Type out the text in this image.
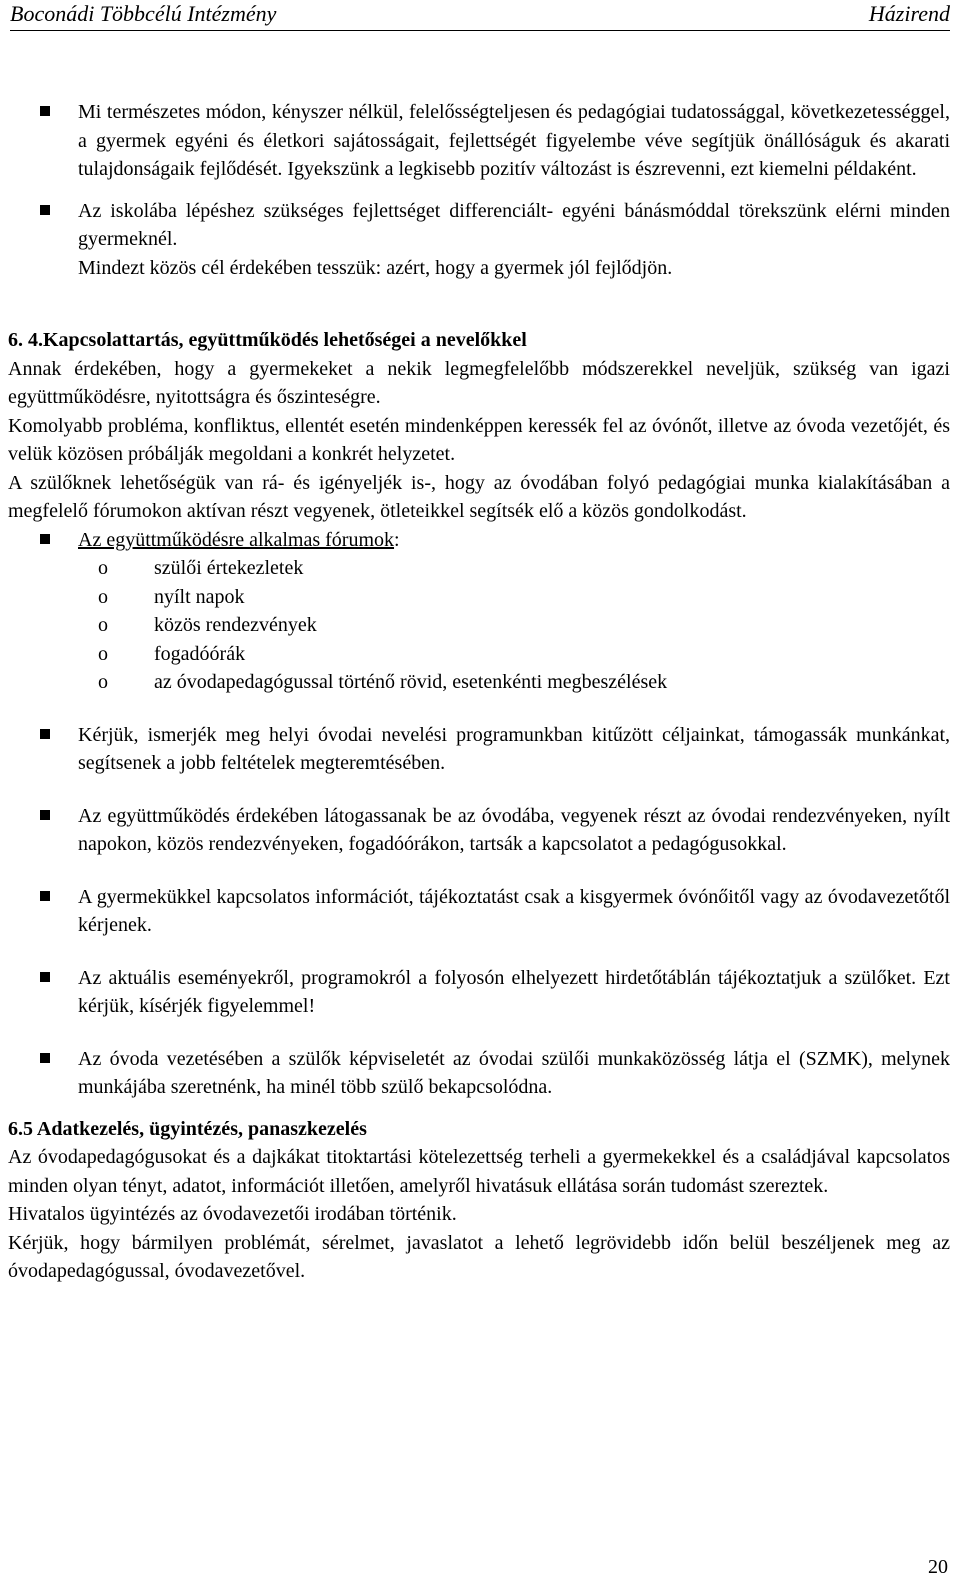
Boconádi Többcélú Intézmény	Házirend

Mi természetes módon, kényszer nélkül, felelősségteljesen és pedagógiai tudatossággal, következetességgel, a gyermek egyéni és életkori sajátosságait, fejlettségét figyelembe véve segítjük önállóságuk és akarati tulajdonságaik fejlődését. Igyekszünk a legkisebb pozitív változást is észrevenni, ezt kiemelni példaként.

Az iskolába lépéshez szükséges fejlettséget differenciált- egyéni bánásmóddal törekszünk elérni minden gyermeknél.

Mindezt közös cél érdekében tesszük: azért, hogy a gyermek jól fejlődjön.

6. 4.Kapcsolattartás, együttműködés lehetőségei a nevelőkkel

Annak érdekében, hogy a gyermekeket a nekik legmegfelelőbb módszerekkel neveljük, szükség van igazi együttműködésre, nyitottságra és őszinteségre.

Komolyabb probléma, konfliktus, ellentét esetén mindenképpen keressék fel az óvónőt, illetve az óvoda vezetőjét, és velük közösen próbálják megoldani a konkrét helyzetet.

A szülőknek lehetőségük van rá- és igényeljék is-, hogy az óvodában folyó pedagógiai munka kialakításában a megfelelő fórumokon aktívan részt vegyenek, ötleteikkel segítsék elő a közös gondolkodást.

Az együttműködésre alkalmas fórumok:

o szülői értekezletek
o nyílt napok
o közös rendezvények
o fogadóórák
o az óvodapedagógussal történő rövid, esetenkénti megbeszélések

Kérjük, ismerjék meg helyi óvodai nevelési programunkban kitűzött céljainkat, támogassák munkánkat, segítsenek a jobb feltételek megteremtésében.

Az együttműködés érdekében látogassanak be az óvodába, vegyenek részt az óvodai rendezvényeken, nyílt napokon, közös rendezvényeken, fogadóórákon, tartsák a kapcsolatot a pedagógusokkal.

A gyermekükkel kapcsolatos információt, tájékoztatást csak a kisgyermek óvónőitől vagy az óvodavezetőtől kérjenek.

Az aktuális eseményekről, programokról a folyosón elhelyezett hirdetőtáblán tájékoztatjuk a szülőket. Ezt kérjük, kísérjék figyelemmel!

Az óvoda vezetésében a szülők képviseletét az óvodai szülői munkaközösség látja el (SZMK), melynek munkájába szeretnénk, ha minél több szülő bekapcsolódna.

6.5 Adatkezelés, ügyintézés, panaszkezelés

Az óvodapedagógusokat és a dajkákat titoktartási kötelezettség terheli a gyermekekkel és a családjával kapcsolatos minden olyan tényt, adatot, információt illetően, amelyről hivatásuk ellátása során tudomást szereztek.

Hivatalos ügyintézés az óvodavezetői irodában történik.

Kérjük, hogy bármilyen problémát, sérelmet, javaslatot a lehető legrövidebb időn belül beszéljenek meg az óvodapedagógussal, óvodavezetővel.

20
